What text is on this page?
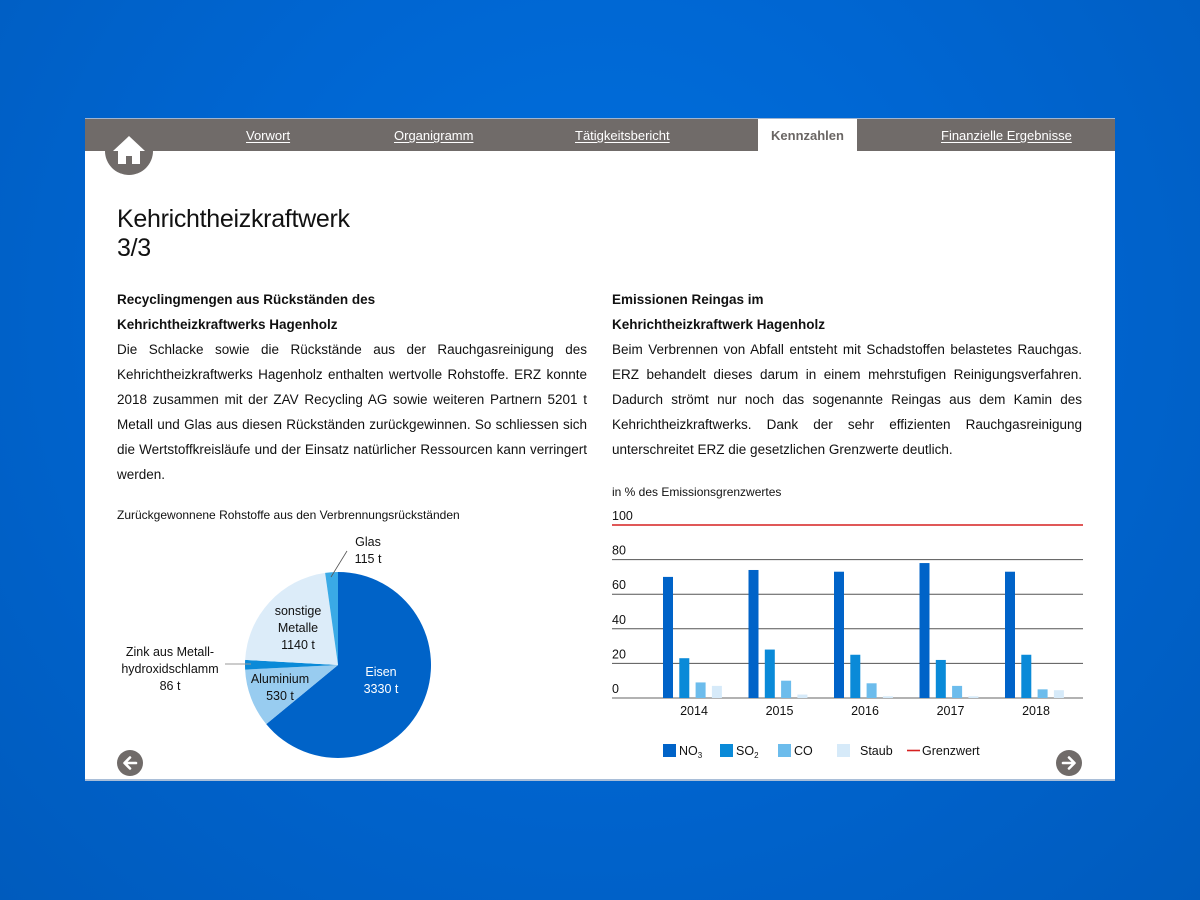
Vorwort	Organigramm	Tätigkeitsbericht	Kennzahlen	Finanzielle Ergebnisse
Kehrichtheizkraftwerk
3/3
Recyclingmengen aus Rückständen des
Kehrichtheizkraftwerks Hagenholz

Die Schlacke sowie die Rückstände aus der Rauchgasreinigung des Kehrichtheizkraftwerks Hagenholz enthalten wertvolle Rohstoffe. ERZ konnte 2018 zusammen mit der ZAV Recycling AG sowie weiteren Partnern 5201 t Metall und Glas aus diesen Rückständen zurückgewinnen. So schliessen sich die Wertstoffkreisläufe und der Einsatz natürlicher Ressourcen kann verringert werden.

Emissionen Reingas im
Kehrichtheizkraftwerk Hagenholz

Beim Verbrennen von Abfall entsteht mit Schadstoffen belastetes Rauchgas. ERZ behandelt dieses darum in einem mehrstufigen Reinigungsverfahren. Dadurch strömt nur noch das sogenannte Reingas aus dem Kamin des Kehrichtheizkraftwerks. Dank der sehr effizienten Rauchgasreinigung unterschreitet ERZ die gesetzlichen Grenzwerte deutlich.

Zurückgewonnene Rohstoffe aus den Verbrennungsrückständen
Eisen
3330 t
Aluminium
530 t
Zink aus Metall-
hydroxidschlamm
86 t
sonstige
Metalle
1140 t
Glas
115 t
in % des Emissionsgrenzwertes
0
20
40
60
80
100
2014	2015	2016	2017	2018
$NO_3$	$SO_2$	CO	Staub Grenzwert
